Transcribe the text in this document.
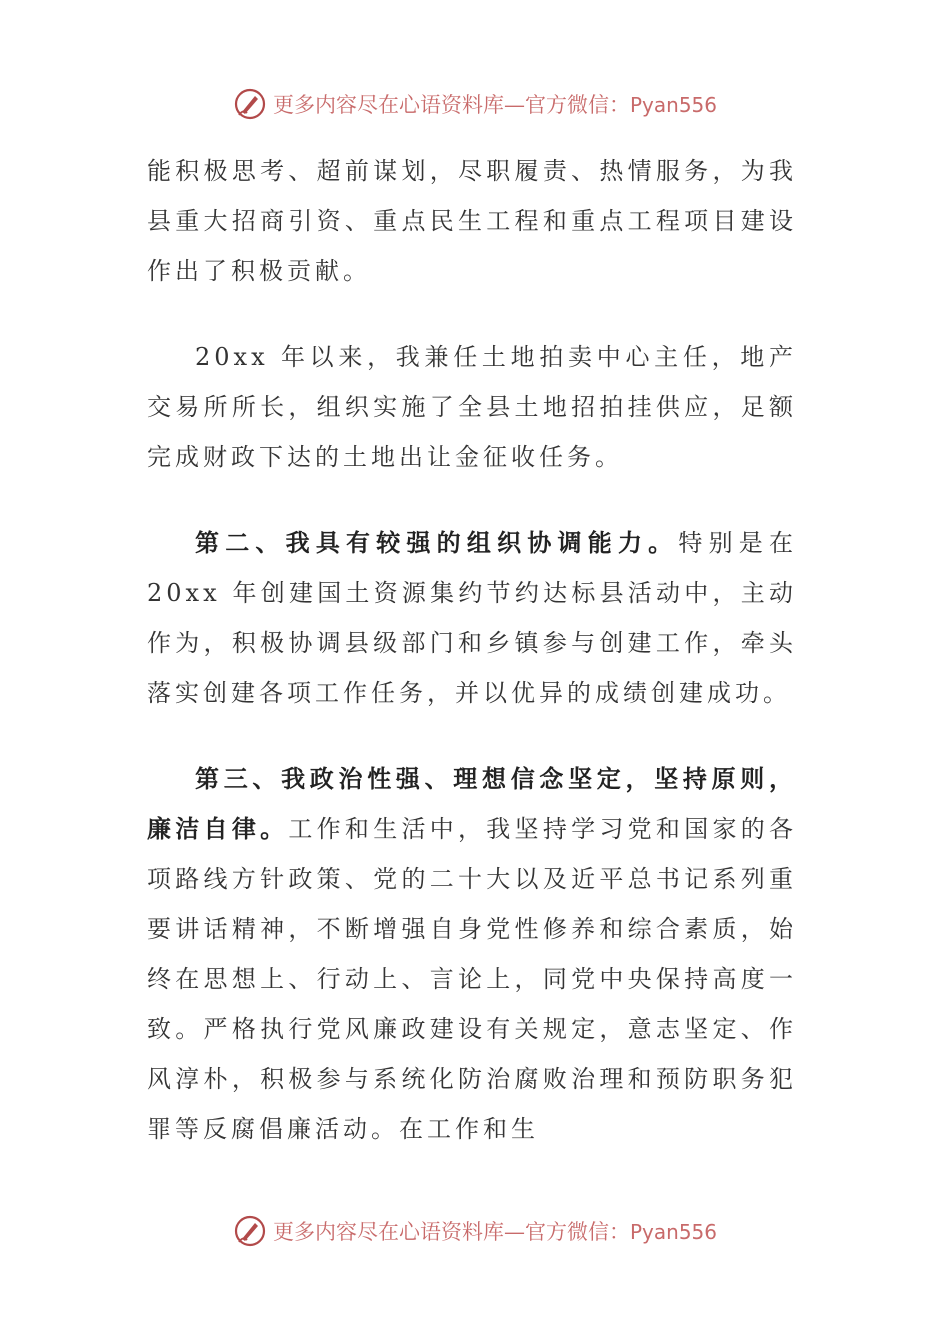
更多内容尽在心语资料库—官方微信：Pyan556

能积极思考、超前谋划，尽职履责、热情服务，为我县重大招商引资、重点民生工程和重点工程项目建设作出了积极贡献。

20xx 年以来，我兼任土地拍卖中心主任，地产交易所所长，组织实施了全县土地招拍挂供应，足额完成财政下达的土地出让金征收任务。

第二、我具有较强的组织协调能力。特别是在 20xx 年创建国土资源集约节约达标县活动中，主动作为，积极协调县级部门和乡镇参与创建工作，牵头落实创建各项工作任务，并以优异的成绩创建成功。

第三、我政治性强、理想信念坚定，坚持原则，廉洁自律。工作和生活中，我坚持学习党和国家的各项路线方针政策、党的二十大以及近平总书记系列重要讲话精神，不断增强自身党性修养和综合素质，始终在思想上、行动上、言论上，同党中央保持高度一致。严格执行党风廉政建设有关规定，意志坚定、作风淳朴，积极参与系统化防治腐败治理和预防职务犯罪等反腐倡廉活动。在工作和生

更多内容尽在心语资料库—官方微信：Pyan556
